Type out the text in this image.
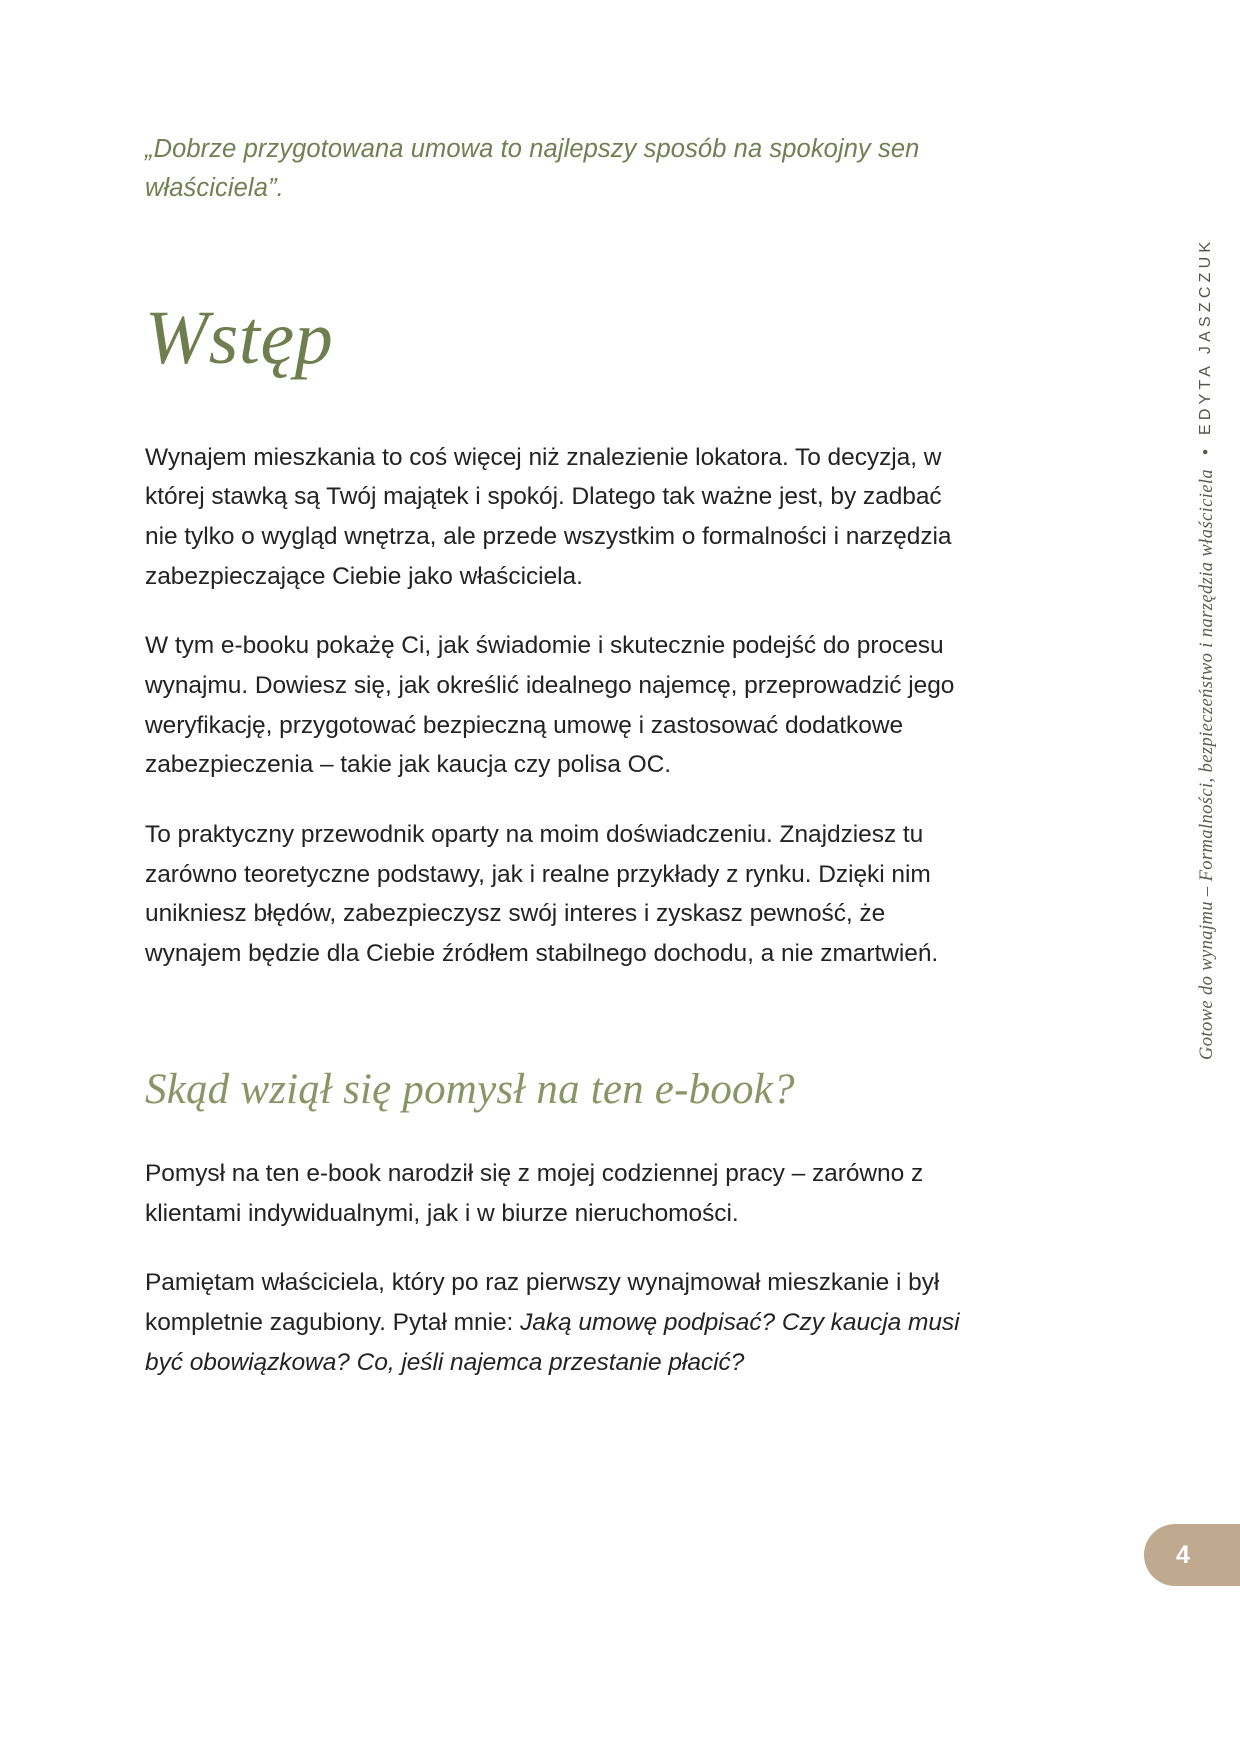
„Dobrze przygotowana umowa to najlepszy sposób na spokojny sen właściciela”.

Wstęp

Wynajem mieszkania to coś więcej niż znalezienie lokatora. To decyzja, w której stawką są Twój majątek i spokój. Dlatego tak ważne jest, by zadbać nie tylko o wygląd wnętrza, ale przede wszystkim o formalności i narzędzia zabezpieczające Ciebie jako właściciela.

W tym e-booku pokażę Ci, jak świadomie i skutecznie podejść do procesu wynajmu. Dowiesz się, jak określić idealnego najemcę, przeprowadzić jego weryfikację, przygotować bezpieczną umowę i zastosować dodatkowe zabezpieczenia – takie jak kaucja czy polisa OC.

To praktyczny przewodnik oparty na moim doświadczeniu. Znajdziesz tu zarówno teoretyczne podstawy, jak i realne przykłady z rynku. Dzięki nim unikniesz błędów, zabezpieczysz swój interes i zyskasz pewność, że wynajem będzie dla Ciebie źródłem stabilnego dochodu, a nie zmartwień.

Skąd wziął się pomysł na ten e-book?

Pomysł na ten e-book narodził się z mojej codziennej pracy – zarówno z klientami indywidualnymi, jak i w biurze nieruchomości.

Pamiętam właściciela, który po raz pierwszy wynajmował mieszkanie i był kompletnie zagubiony. Pytał mnie: Jaką umowę podpisać? Czy kaucja musi być obowiązkowa? Co, jeśli najemca przestanie płacić?

Gotowe do wynajmu – Formalności, bezpieczeństwo i narzędzia właściciela
•
EDYTA JASZCZUK
4
